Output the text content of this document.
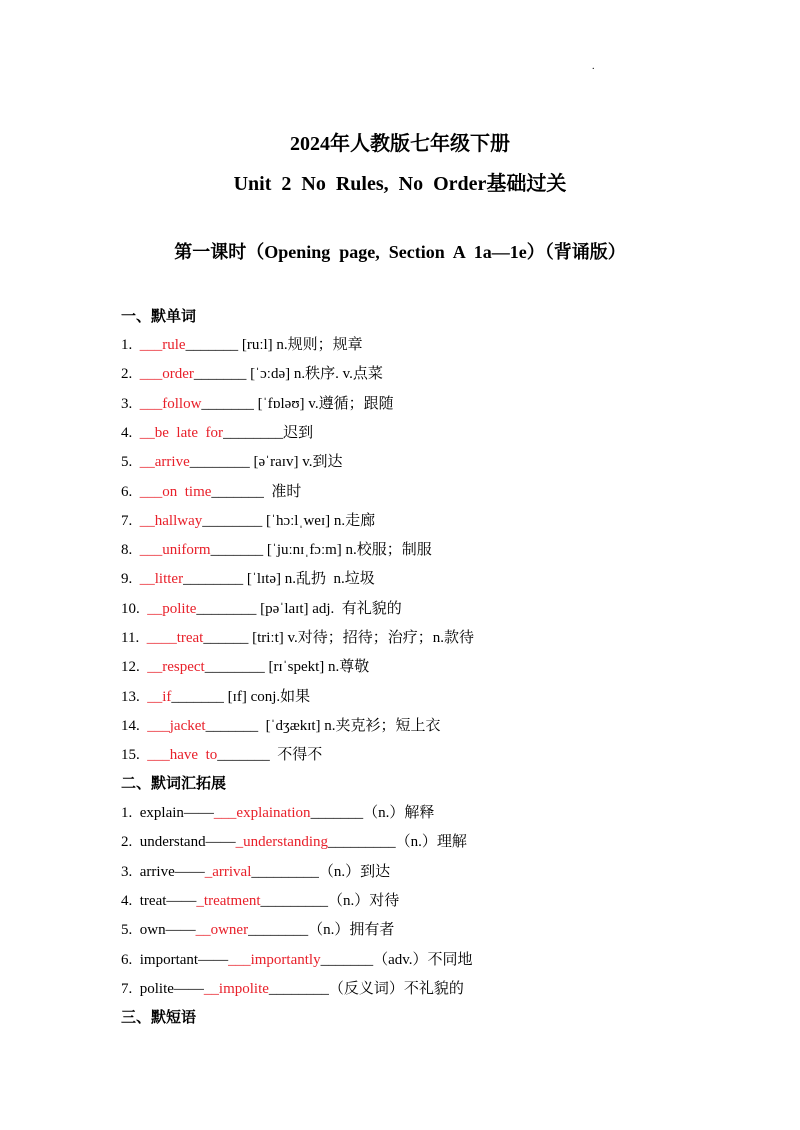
.
2024年人教版七年级下册
Unit  2  No  Rules,  No  Order基础过关
第一课时（Opening  page,  Section  A  1a—1e）（背诵版）
一、默单词
1.  ___rule_______ [ruːl] n.规则；规章
2.  ___order_______ [ˈɔːdə] n.秩序. v.点菜
3.  ___follow_______ [ˈfɒləʊ] v.遵循；跟随
4.  __be  late  for________迟到
5.  __arrive________ [əˈraɪv] v.到达
6.  ___on  time_______  准时
7.  __hallway________ [ˈhɔːlˌweɪ] n.走廊
8.  ___uniform_______ [ˈjuːnɪˌfɔːm] n.校服；制服
9.  __litter________ [ˈlɪtə] n.乱扔  n.垃圾
10.  __polite________ [pəˈlaɪt] adj.  有礼貌的
11.  ____treat______ [triːt] v.对待；招待；治疗；n.款待
12.  __respect________ [rɪˈspekt] n.尊敬
13.  __if_______ [ɪf] conj.如果
14.  ___jacket_______  [ˈdʒækɪt] n.夹克衫；短上衣
15.  ___have  to_______  不得不
二、默词汇拓展
1.  explain——___explaination_______（n.）解释
2.  understand——_understanding_________（n.）理解
3.  arrive——_arrival_________（n.）到达
4.  treat——_treatment_________（n.）对待
5.  own——__owner________（n.）拥有者
6.  important——___importantly_______（adv.）不同地
7.  polite——__impolite________（反义词）不礼貌的
三、默短语
